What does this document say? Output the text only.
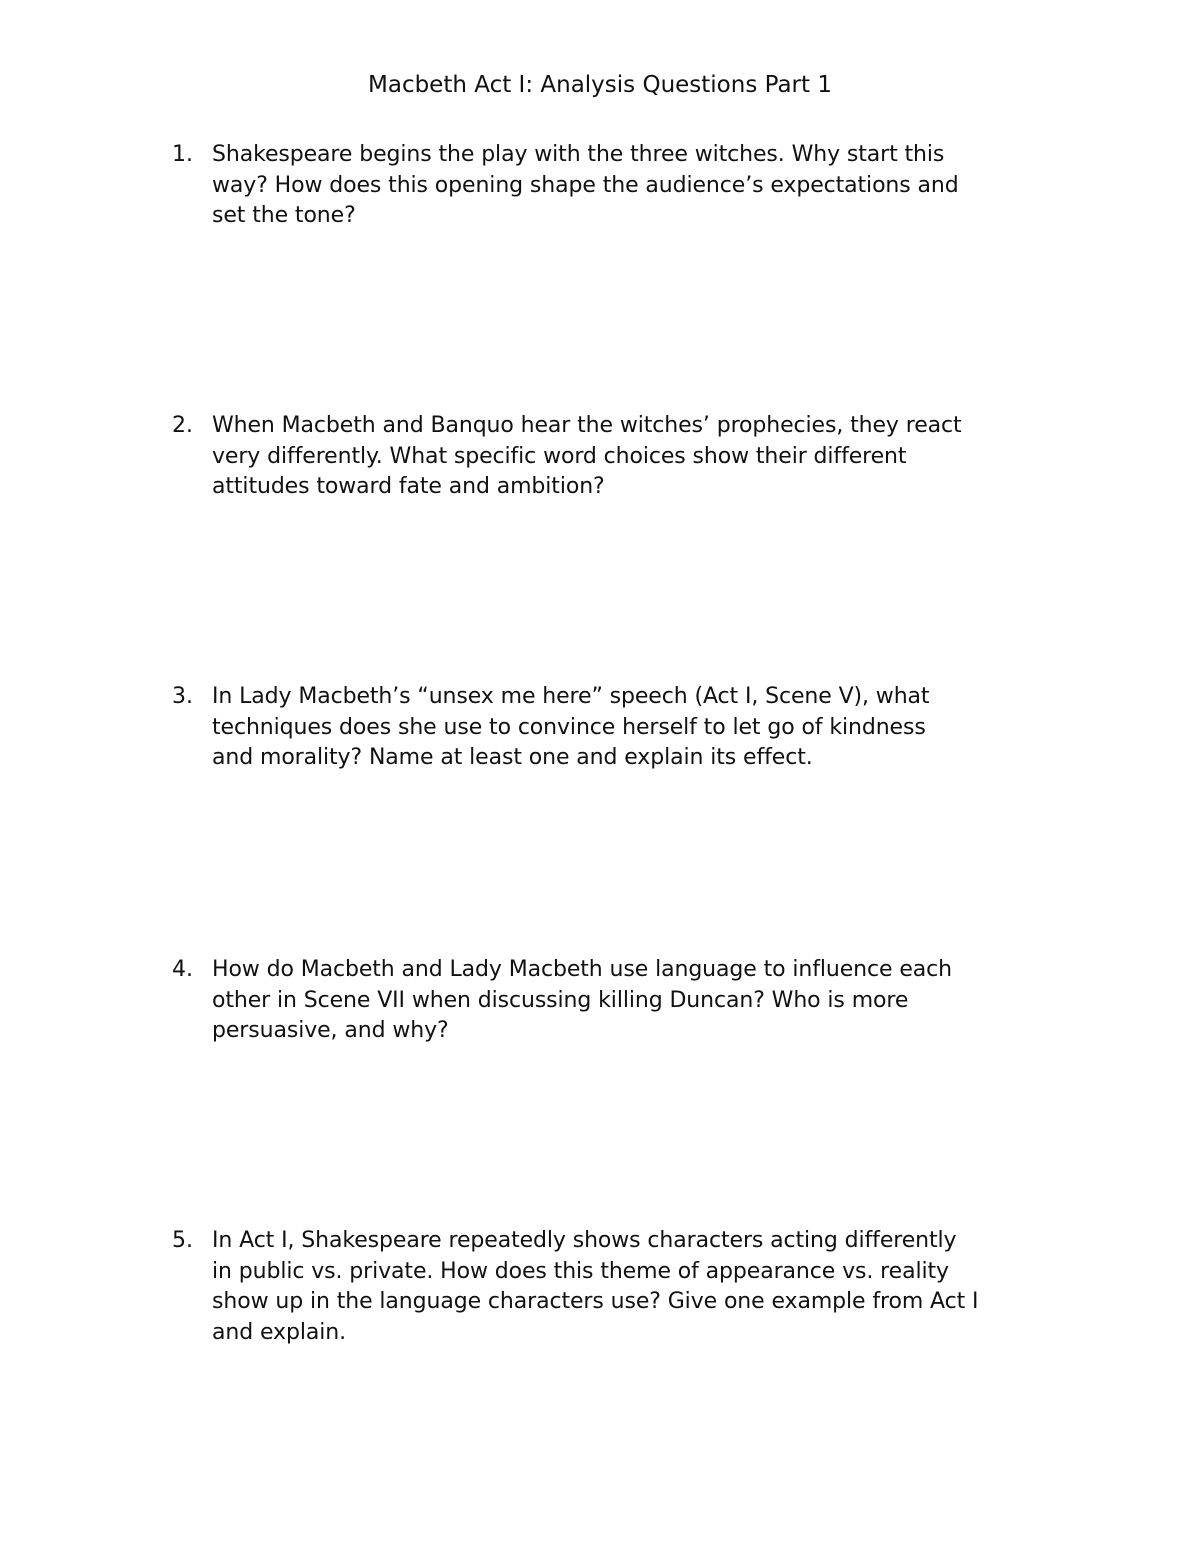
Macbeth Act I: Analysis Questions Part 1
1. Shakespeare begins the play with the three witches. Why start this
way? How does this opening shape the audience’s expectations and
set the tone?
2. When Macbeth and Banquo hear the witches’ prophecies, they react
very differently. What specific word choices show their different
attitudes toward fate and ambition?
3. In Lady Macbeth’s “unsex me here” speech (Act I, Scene V), what
techniques does she use to convince herself to let go of kindness
and morality? Name at least one and explain its effect.
4. How do Macbeth and Lady Macbeth use language to influence each
other in Scene VII when discussing killing Duncan? Who is more
persuasive, and why?
5. In Act I, Shakespeare repeatedly shows characters acting differently
in public vs. private. How does this theme of appearance vs. reality
show up in the language characters use? Give one example from Act I
and explain.
